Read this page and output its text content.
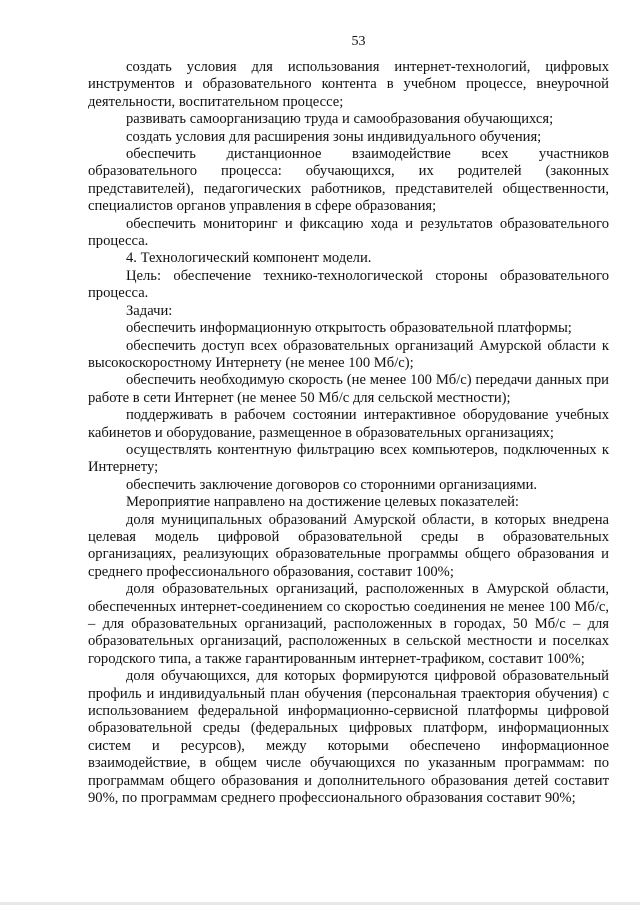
53

создать условия для использования интернет-технологий, цифровых инструментов и образовательного контента в учебном процессе, внеурочной деятельности, воспитательном процессе;

развивать самоорганизацию труда и самообразования обучающихся;

создать условия для расширения зоны индивидуального обучения;

обеспечить дистанционное взаимодействие всех участников образовательного процесса: обучающихся, их родителей (законных представителей), педагогических работников, представителей общественности, специалистов органов управления в сфере образования;

обеспечить мониторинг и фиксацию хода и результатов образовательного процесса.

4. Технологический компонент модели.

Цель: обеспечение технико-технологической стороны образовательного процесса.

Задачи:

обеспечить информационную открытость образовательной платформы;

обеспечить доступ всех образовательных организаций Амурской области к высокоскоростному Интернету (не менее 100 Мб/с);

обеспечить необходимую скорость (не менее 100 Мб/с) передачи данных при работе в сети Интернет (не менее 50 Мб/с для сельской местности);

поддерживать в рабочем состоянии интерактивное оборудование учебных кабинетов и оборудование, размещенное в образовательных организациях;

осуществлять контентную фильтрацию всех компьютеров, подключенных к Интернету;

обеспечить заключение договоров со сторонними организациями.

Мероприятие направлено на достижение целевых показателей:

доля муниципальных образований Амурской области, в которых внедрена целевая модель цифровой образовательной среды в образовательных организациях, реализующих образовательные программы общего образования и среднего профессионального образования, составит 100%;

доля образовательных организаций, расположенных в Амурской области, обеспеченных интернет-соединением со скоростью соединения не менее 100 Мб/с, – для образовательных организаций, расположенных в городах, 50 Мб/с – для образовательных организаций, расположенных в сельской местности и поселках городского типа, а также гарантированным интернет-трафиком, составит 100%;

доля обучающихся, для которых формируются цифровой образовательный профиль и индивидуальный план обучения (персональная траектория обучения) с использованием федеральной информационно-сервисной платформы цифровой образовательной среды (федеральных цифровых платформ, информационных систем и ресурсов), между которыми обеспечено информационное взаимодействие, в общем числе обучающихся по указанным программам: по программам общего образования и дополнительного образования детей составит 90%, по программам среднего профессионального образования составит 90%;
